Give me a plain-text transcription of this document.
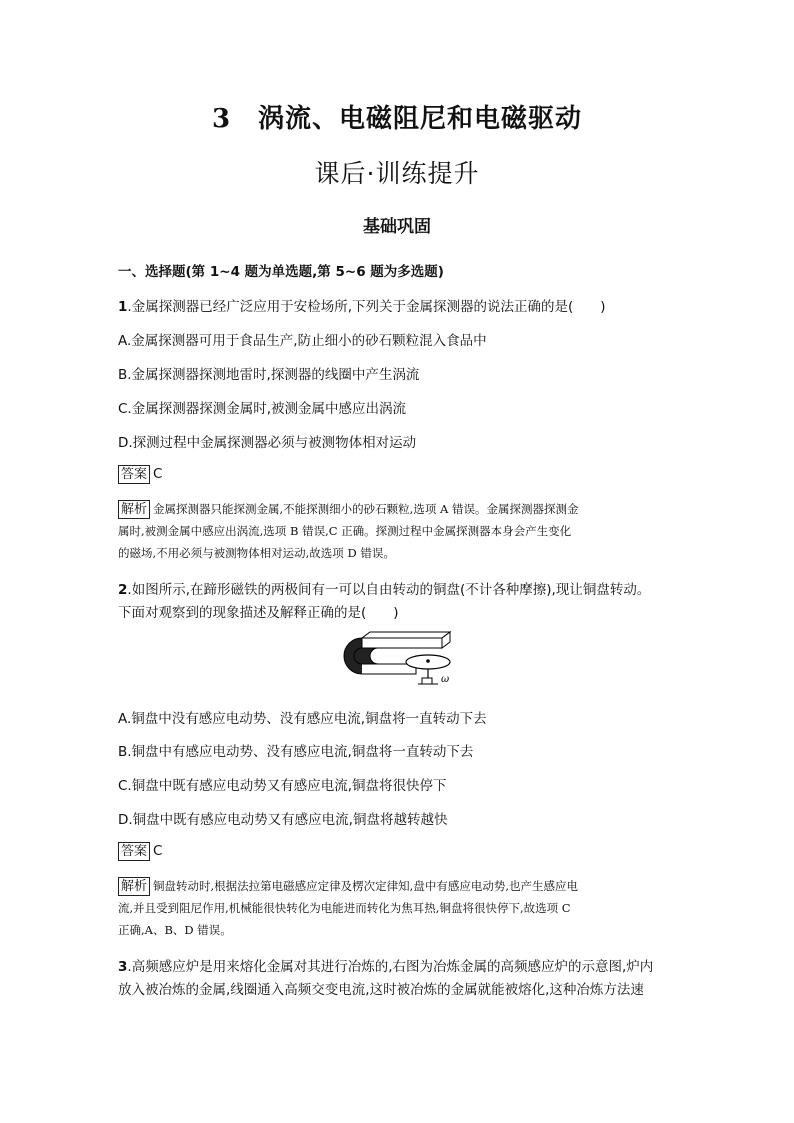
3　涡流、电磁阻尼和电磁驱动
课后·训练提升
基础巩固
一、选择题(第 1~4 题为单选题,第 5~6 题为多选题)
1.金属探测器已经广泛应用于安检场所,下列关于金属探测器的说法正确的是(　　)
A.金属探测器可用于食品生产,防止细小的砂石颗粒混入食品中
B.金属探测器探测地雷时,探测器的线圈中产生涡流
C.金属探测器探测金属时,被测金属中感应出涡流
D.探测过程中金属探测器必须与被测物体相对运动
答案 C
解析 金属探测器只能探测金属,不能探测细小的砂石颗粒,选项 A 错误。金属探测器探测金
属时,被测金属中感应出涡流,选项 B 错误,C 正确。探测过程中金属探测器本身会产生变化
的磁场,不用必须与被测物体相对运动,故选项 D 错误。
2.如图所示,在蹄形磁铁的两极间有一可以自由转动的铜盘(不计各种摩擦),现让铜盘转动。
下面对观察到的现象描述及解释正确的是(　　)
ω
A.铜盘中没有感应电动势、没有感应电流,铜盘将一直转动下去
B.铜盘中有感应电动势、没有感应电流,铜盘将一直转动下去
C.铜盘中既有感应电动势又有感应电流,铜盘将很快停下
D.铜盘中既有感应电动势又有感应电流,铜盘将越转越快
答案 C
解析 铜盘转动时,根据法拉第电磁感应定律及楞次定律知,盘中有感应电动势,也产生感应电
流,并且受到阻尼作用,机械能很快转化为电能进而转化为焦耳热,铜盘将很快停下,故选项 C
正确,A、B、D 错误。
3.高频感应炉是用来熔化金属对其进行冶炼的,右图为冶炼金属的高频感应炉的示意图,炉内
放入被冶炼的金属,线圈通入高频交变电流,这时被冶炼的金属就能被熔化,这种冶炼方法速
